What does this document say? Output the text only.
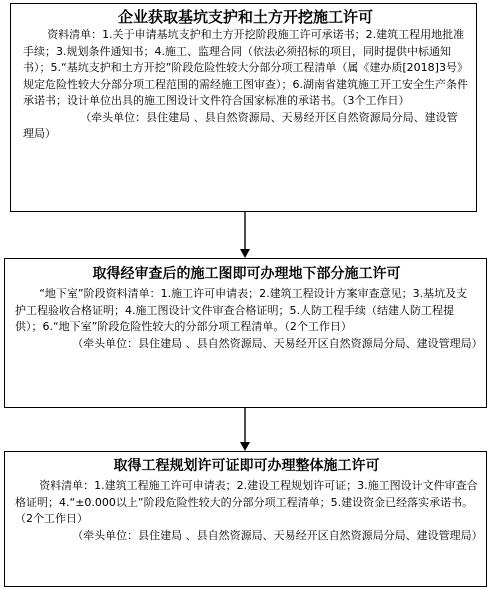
企业获取基坑支护和土方开挖施工许可

资料清单：1.关于申请基坑支护和土方开挖阶段施工许可承诺书；2.建筑工程用地批准手续；3.规划条件通知书；4.施工、监理合同（依法必须招标的项目，同时提供中标通知书）；5.“基坑支护和土方开挖”阶段危险性较大分部分项工程清单（属《建办质[2018]3号》规定危险性较大分部分项工程范围的需经施工图审查）；6.湖南省建筑施工开工安全生产条件承诺书；设计单位出具的施工图设计文件符合国家标准的承诺书。（3个工作日）

（牵头单位：县住建局 、县自然资源局、天易经开区自然资源局分局、建设管理局）

取得经审查后的施工图即可办理地下部分施工许可

“地下室”阶段资料清单：1.施工许可申请表；2.建筑工程设计方案审查意见；3.基坑及支护工程验收合格证明；4.施工图设计文件审查合格证明；5.人防工程手续（结建人防工程提供）；6.“地下室”阶段危险性较大的分部分项工程清单。（2个工作日）

（牵头单位：县住建局 、县自然资源局、天易经开区自然资源局分局、建设管理局）

取得工程规划许可证即可办理整体施工许可

资料清单：1.建筑工程施工许可申请表；2.建设工程规划许可证；3.施工图设计文件审查合格证明；4.“±0.000以上”阶段危险性较大的分部分项工程清单；5.建设资金已经落实承诺书。（2个工作日）

（牵头单位：县住建局 、县自然资源局、天易经开区自然资源局分局、建设管理局）
